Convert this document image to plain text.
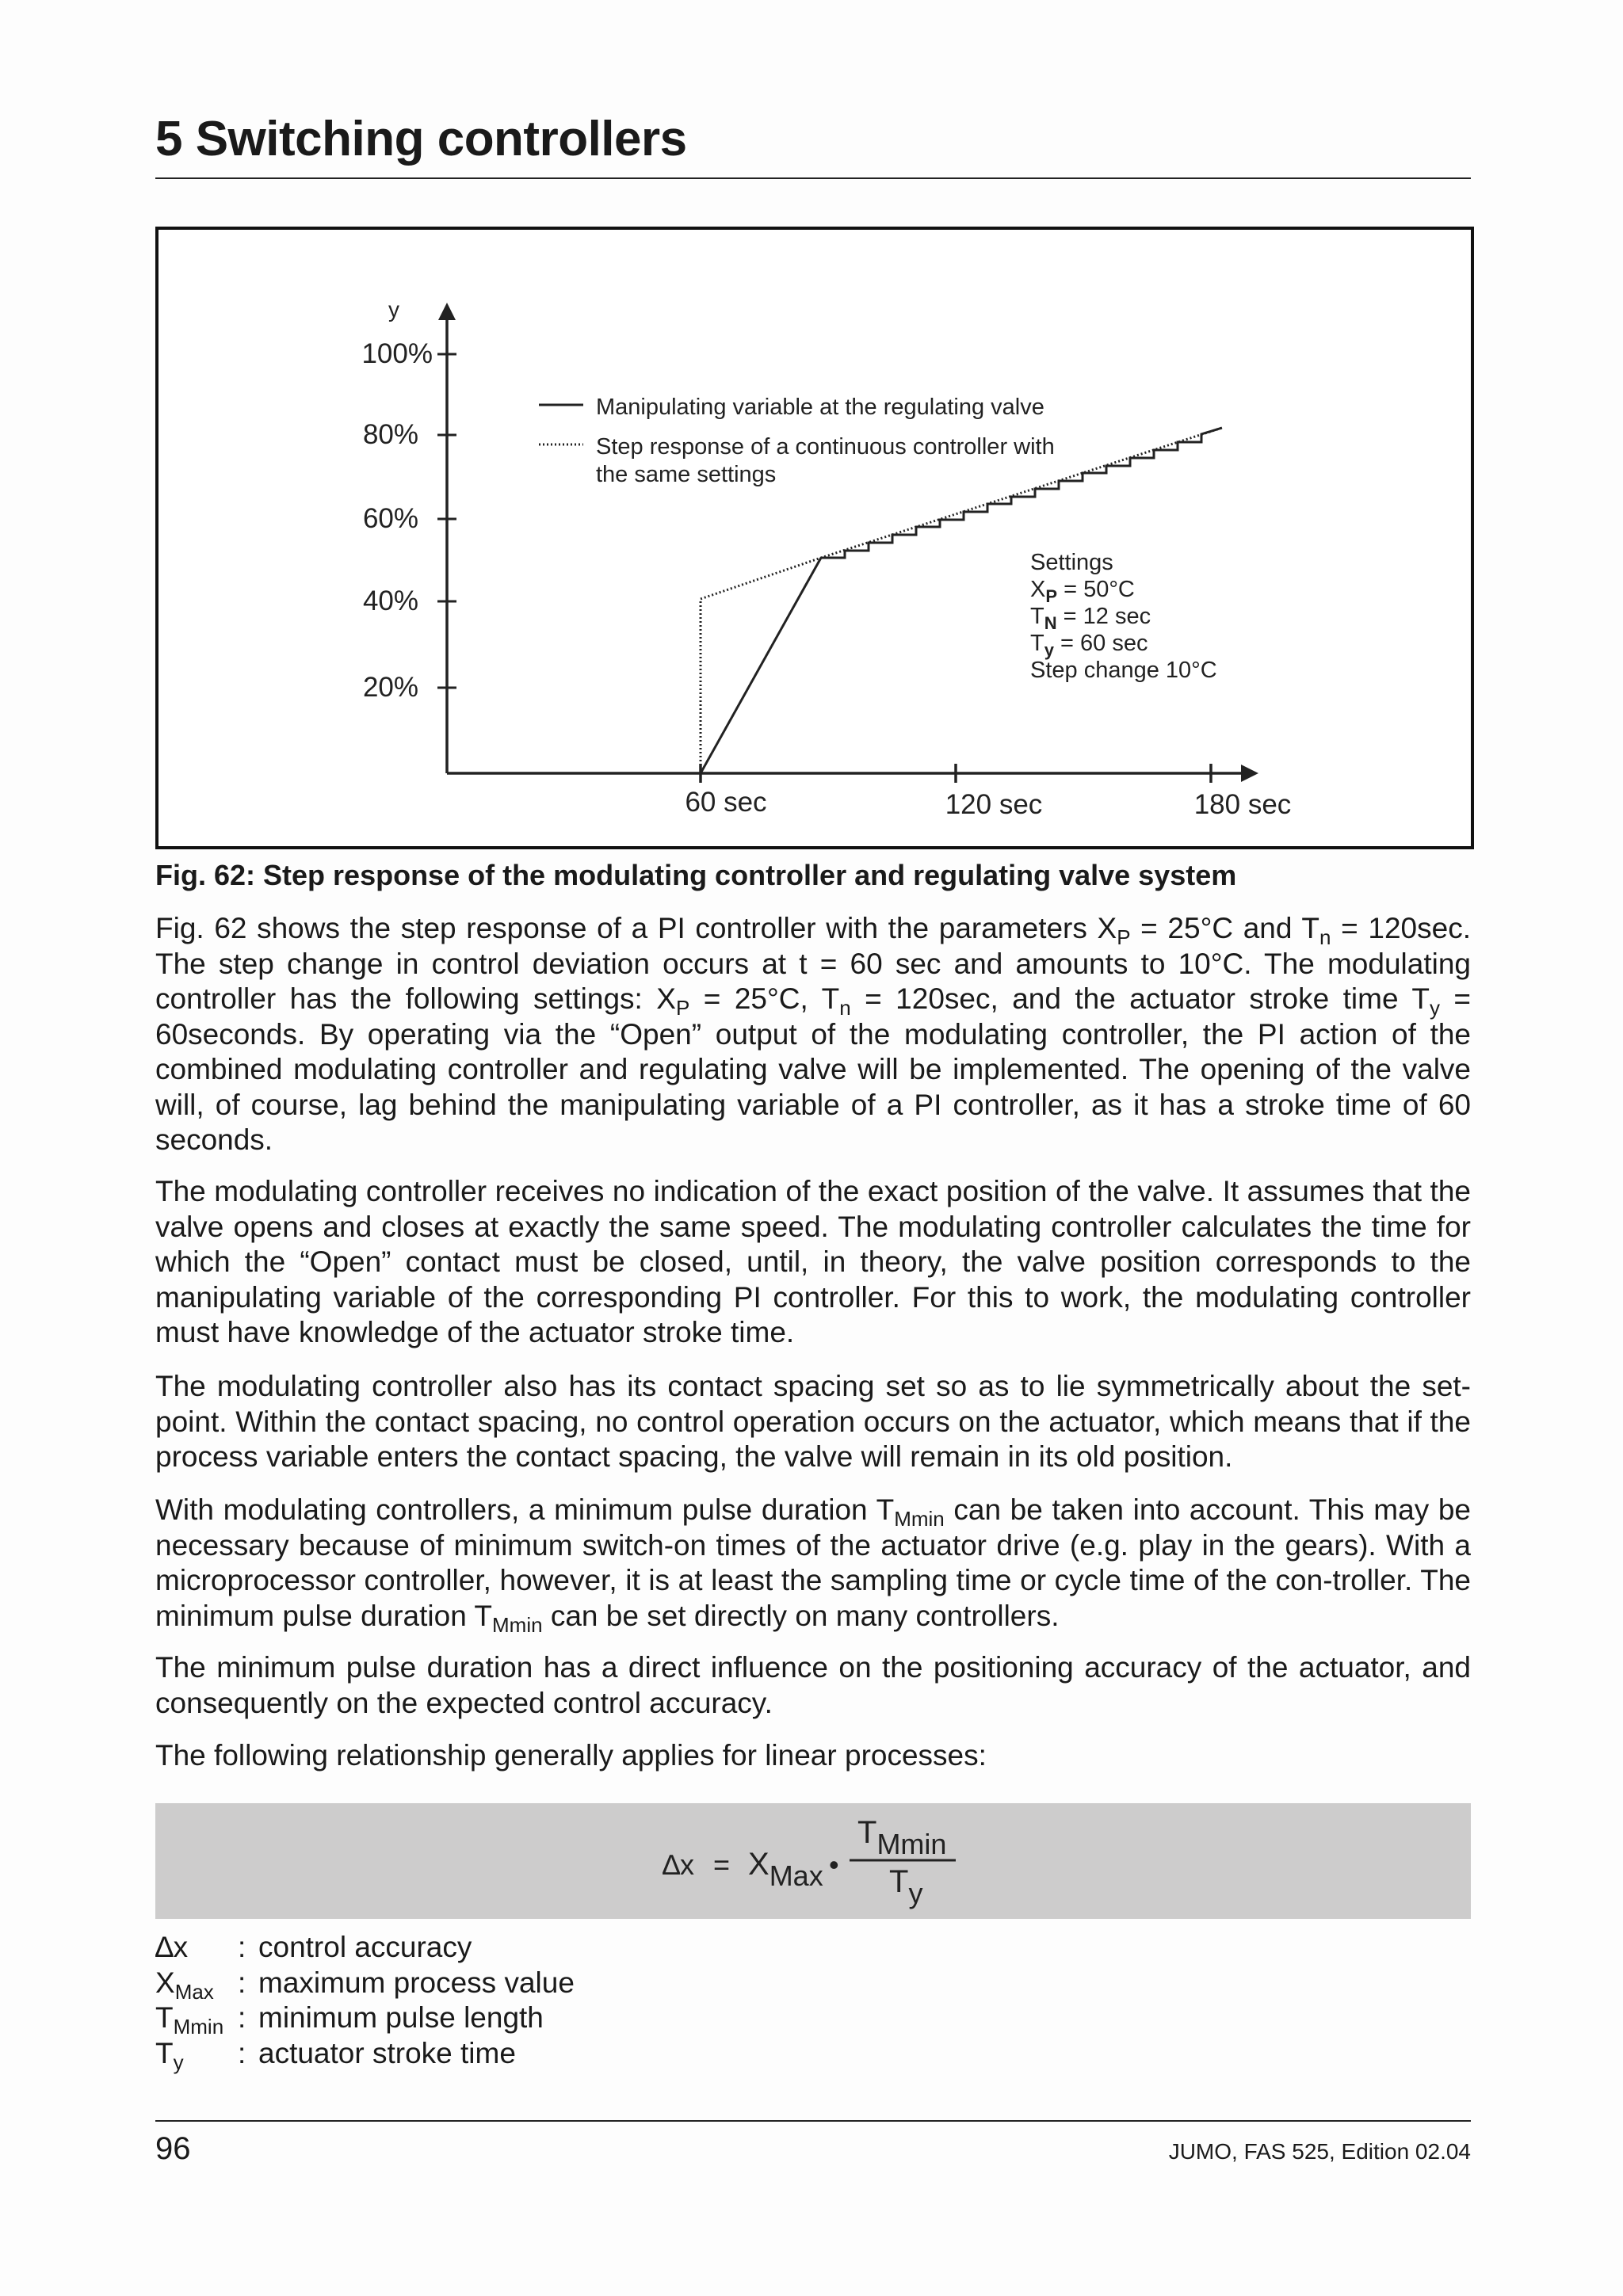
5 Switching controllers
y
100%
80%
60%
40%
20%
60 sec	120 sec	180 sec
Manipulating variable at the regulating valve
Step response of a continuous controller with
the same settings
Settings
$X_P = 50^\circ C$
$T_N = 12$ sec
$T_y = 60$ sec
Step change 10°C

Fig. 62: Step response of the modulating controller and regulating valve system

Fig. 62 shows the step response of a PI controller with the parameters $X_P = 25^\circ C$ and $T_n = 120\sec$. The step change in control deviation occurs at t = 60 sec and amounts to 10°C. The modulating controller has the following settings: $X_P = 25^\circ C$, $T_n = 120\sec$, and the actuator stroke time $T_y$ = 60seconds. By operating via the “Open” output of the modulating controller, the PI action of the combined modulating controller and regulating valve will be implemented. The opening of the valve will, of course, lag behind the manipulating variable of a PI controller, as it has a stroke time of 60 seconds.

The modulating controller receives no indication of the exact position of the valve. It assumes that the valve opens and closes at exactly the same speed. The modulating controller calculates the time for which the “Open” contact must be closed, until, in theory, the valve position corresponds to the manipulating variable of the corresponding PI controller. For this to work, the modulating controller must have knowledge of the actuator stroke time.

The modulating controller also has its contact spacing set so as to lie symmetrically about the set-point. Within the contact spacing, no control operation occurs on the actuator, which means that if the process variable enters the contact spacing, the valve will remain in its old position.

With modulating controllers, a minimum pulse duration $T_{Mmin}$ can be taken into account. This may be necessary because of minimum switch-on times of the actuator drive (e.g. play in the gears). With a microprocessor controller, however, it is at least the sampling time or cycle time of the con-troller. The minimum pulse duration $T_{Mmin}$ can be set directly on many controllers.

The minimum pulse duration has a direct influence on the positioning accuracy of the actuator, and consequently on the expected control accuracy.

The following relationship generally applies for linear processes:

∆x = XMax •
TMmin
Ty
∆x	: control accuracy
$X_{Max}$ : maximum process value
$T_{Mmin}$ : minimum pulse length
$T_y$	: actuator stroke time
96	JUMO, FAS 525, Edition 02.04
